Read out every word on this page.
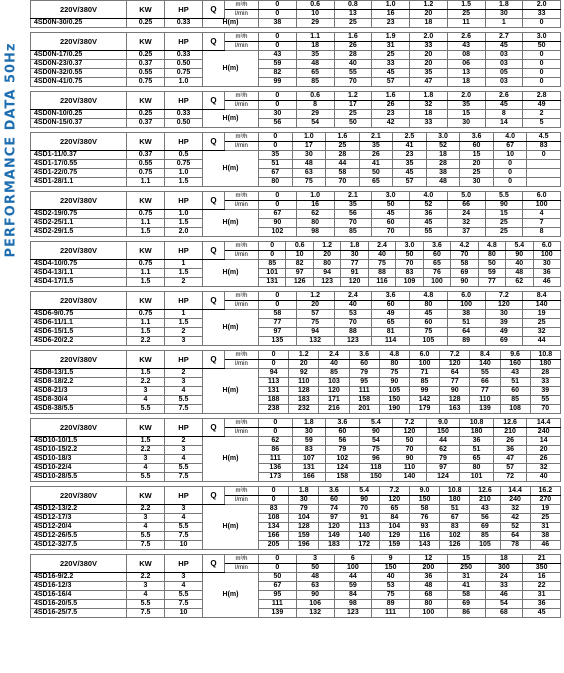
PERFORMANCE DATA 50Hz
220V/380V	KW	HP	Q	m³/h	0	0.6	0.8	1.0	1.2	1.5	1.8	2.0
				l/min	0	10	13	16	20	25	30	33
4SD0N-30/0.25	0.25	0.33	H(m)		38	29	25	23	18	11	1	0
220V/380V	KW	HP	Q	m³/h	0	1.1	1.6	1.9	2.0	2.6	2.7	3.0
				l/min	0	18	26	31	33	43	45	50
4SD0N-17/0.25	0.25	0.33	H(m)		43	35	28	25	20	08	03	0
4SD0N-23/0.37	0.37	0.50			59	48	40	33	20	06	03	0
4SD0N-32/0.55	0.55	0.75			82	65	55	45	35	13	05	0
4SD0N-41/0.75	0.75	1.0			99	85	70	57	47	18	03	0
220V/380V	KW	HP	Q	m³/h	0	0.6	1.2	1.6	1.8	2.0	2.6	2.8
				l/min	0	8	17	26	32	35	45	49
4SD0N-10/0.25	0.25	0.33	H(m)		30	29	25	23	18	15	8	2
4SD0N-15/0.37	0.37	0.50			56	54	50	42	33	30	14	5
220V/380V	KW	HP	Q	m³/h	0	1.0	1.6	2.1	2.5	3.0	3.6	4.0	4.5
				l/min	0	17	25	35	41	52	60	67	83
4SD1-11/0.37	0.37	0.5	H(m)		35	30	28	26	23	18	15	10	0
4SD1-17/0.55	0.55	0.75			51	48	44	41	35	28	20	0	
4SD1-22/0.75	0.75	1.0			67	63	58	50	45	38	25	0	
4SD1-28/1.1	1.1	1.5			80	75	70	65	57	48	30	0	
220V/380V	KW	HP	Q	m³/h	0	1.0	2.1	3.0	4.0	5.0	5.5	6.0
				l/min	0	16	35	50	52	66	90	100
4SD2-19/0.75	0.75	1.0	H(m)		67	62	56	45	36	24	15	4
4SD2-25/1.1	1.1	1.5			90	80	70	60	45	32	25	7
4SD2-29/1.5	1.5	2.0			102	98	85	70	55	37	25	8
220V/380V	KW	HP	Q	m³/h	0	0.6	1.2	1.8	2.4	3.0	3.6	4.2	4.8	5.4	6.0
				l/min	0	10	20	30	40	50	60	70	80	90	100
4SD4-10/0.75	0.75	1	H(m)		85	82	80	77	75	70	65	58	50	40	30
4SD4-13/1.1	1.1	1.5			101	97	94	91	88	83	76	69	59	48	36
4SD4-17/1.5	1.5	2			131	126	123	120	116	109	100	90	77	62	46
220V/380V	KW	HP	Q	m³/h	0	1.2	2.4	3.6	4.8	6.0	7.2	8.4
				l/min	0	20	40	60	80	100	120	140
4SD6-9/0.75	0.75	1	H(m)		58	57	53	49	45	38	30	19
4SD6-11/1.1	1.1	1.5			77	75	70	65	60	51	39	25
4SD6-15/1.5	1.5	2			97	94	88	81	75	64	49	32
4SD6-20/2.2	2.2	3			135	132	123	114	105	89	69	44
220V/380V	KW	HP	Q	m³/h	0	1.2	2.4	3.6	4.8	6.0	7.2	8.4	9.6	10.8
				l/min	0	20	40	60	80	100	120	140	160	180
4SD8-13/1.5	1.5	2	H(m)		94	92	85	79	75	71	64	55	43	28
4SD8-18/2.2	2.2	3			113	110	103	95	90	85	77	66	51	33
4SD8-21/3	3	4			131	128	120	111	105	99	90	77	60	39
4SD8-30/4	4	5.5			188	183	171	158	150	142	128	110	85	55
4SD8-38/5.5	5.5	7.5			238	232	216	201	190	179	163	139	108	70
220V/380V	KW	HP	Q	m³/h	0	1.8	3.6	5.4	7.2	9.0	10.8	12.6	14.4
				l/min	0	30	60	90	120	150	180	210	240
4SD10-10/1.5	1.5	2	H(m)		62	59	56	54	50	44	36	26	14
4SD10-15/2.2	2.2	3			86	83	79	75	70	62	51	36	20
4SD10-18/3	3	4			111	107	102	96	90	79	65	47	26
4SD10-22/4	4	5.5			136	131	124	118	110	97	80	57	32
4SD10-28/5.5	5.5	7.5			173	166	158	150	140	124	101	72	40
220V/380V	KW	HP	Q	m³/h	0	1.8	3.6	5.4	7.2	9.0	10.8	12.6	14.4	16.2
				l/min	0	30	60	90	120	150	180	210	240	270
4SD12-13/2.2	2.2	3	H(m)		83	79	74	70	65	58	51	43	32	19
4SD12-17/3	3	4			108	104	97	91	84	76	67	56	42	25
4SD12-20/4	4	5.5			134	128	120	113	104	93	83	69	52	31
4SD12-26/5.5	5.5	7.5			166	159	149	140	129	116	102	85	64	38
4SD12-32/7.5	7.5	10			205	196	183	172	159	143	126	105	78	46
220V/380V	KW	HP	Q	m³/h	0	3	6	9	12	15	18	21
				l/min	0	50	100	150	200	250	300	350
4SD16-9/2.2	2.2	3	H(m)		50	48	44	40	36	31	24	16
4SD16-12/3	3	4			67	63	59	53	48	41	33	22
4SD16-16/4	4	5.5			95	90	84	75	68	58	46	31
4SD16-20/5.5	5.5	7.5			111	106	98	89	80	69	54	36
4SD16-25/7.5	7.5	10			139	132	123	111	100	86	68	45
